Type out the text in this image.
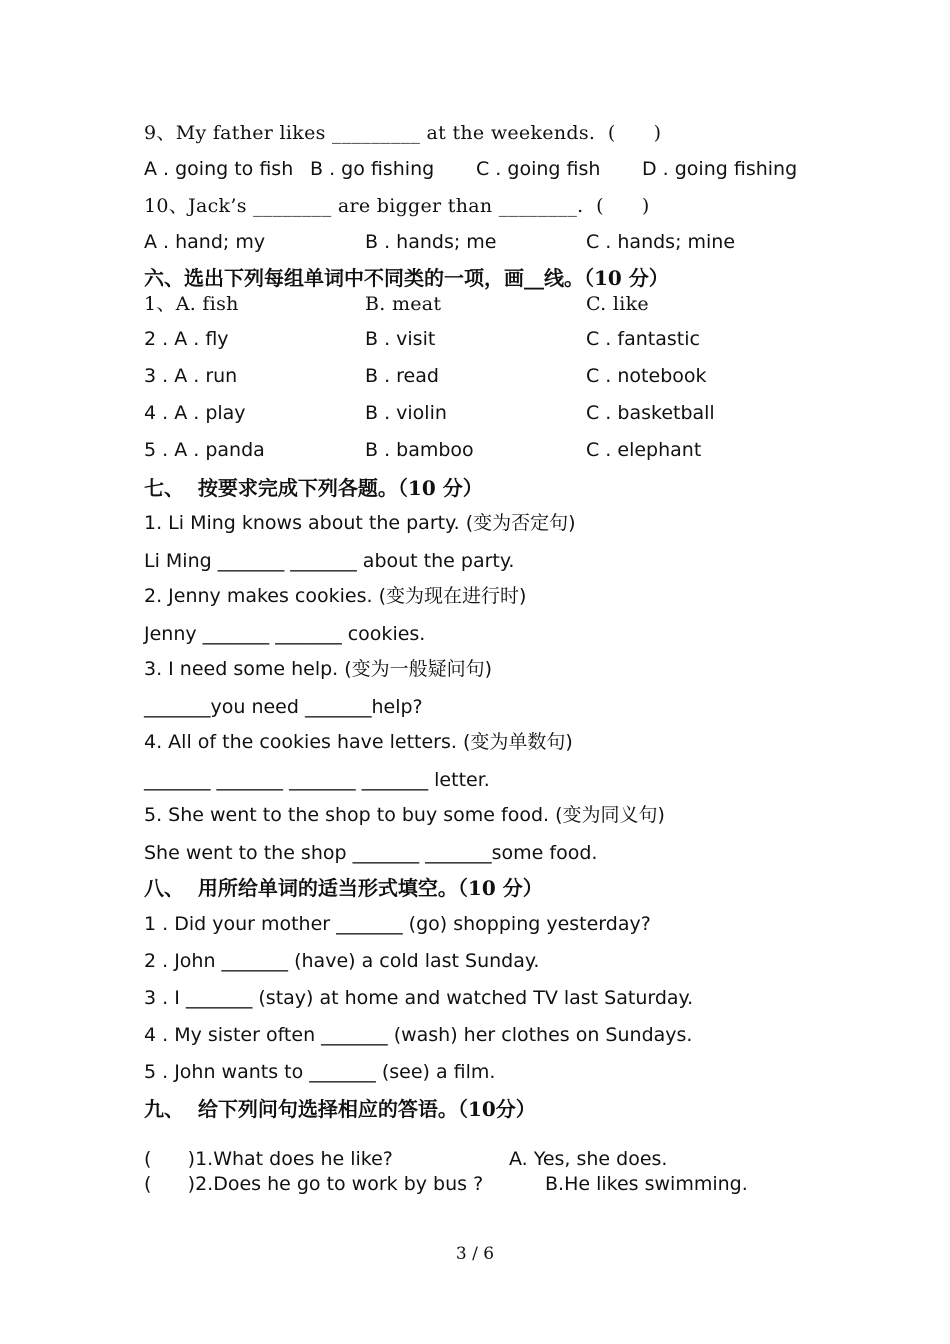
9、My father likes _________ at the weekends.  (      )
A . going to fish B . go fishing C . going fish D . going fishing
10、Jack’s ________ are bigger than ________.  (      )
A . hand; my	B . hands; me	C . hands; mine
六、选出下列每组单词中不同类的一项，画__线。（10 分）
1、A. fish	B. meat	C. like
2 . A . fly	B . visit	C . fantastic
3 . A . run	B . read	C . notebook
4 . A . play	B . violin	C . basketball
5 . A . panda	B . bamboo	C . elephant
七、  按要求完成下列各题。（10 分）
1. Li Ming knows about the party. (变为否定句)
Li Ming _______ _______ about the party.
2. Jenny makes cookies. (变为现在进行时)
Jenny _______ _______ cookies.
3. I need some help. (变为一般疑问句)
_______you need _______help?
4. All of the cookies have letters. (变为单数句)
_______ _______ _______ _______ letter.
5. She went to the shop to buy some food. (变为同义句)
She went to the shop _______ _______some food.
八、  用所给单词的适当形式填空。（10 分）
1 . Did your mother _______ (go) shopping yesterday?
2 . John _______ (have) a cold last Sunday.
3 . I _______ (stay) at home and watched TV last Saturday.
4 . My sister often _______ (wash) her clothes on Sundays.
5 . John wants to _______ (see) a film.
九、  给下列问句选择相应的答语。（10分）
(      )1.What does he like?	A. Yes, she does.
(      )2.Does he go to work by bus ?	B.He likes swimming.
3 / 6
